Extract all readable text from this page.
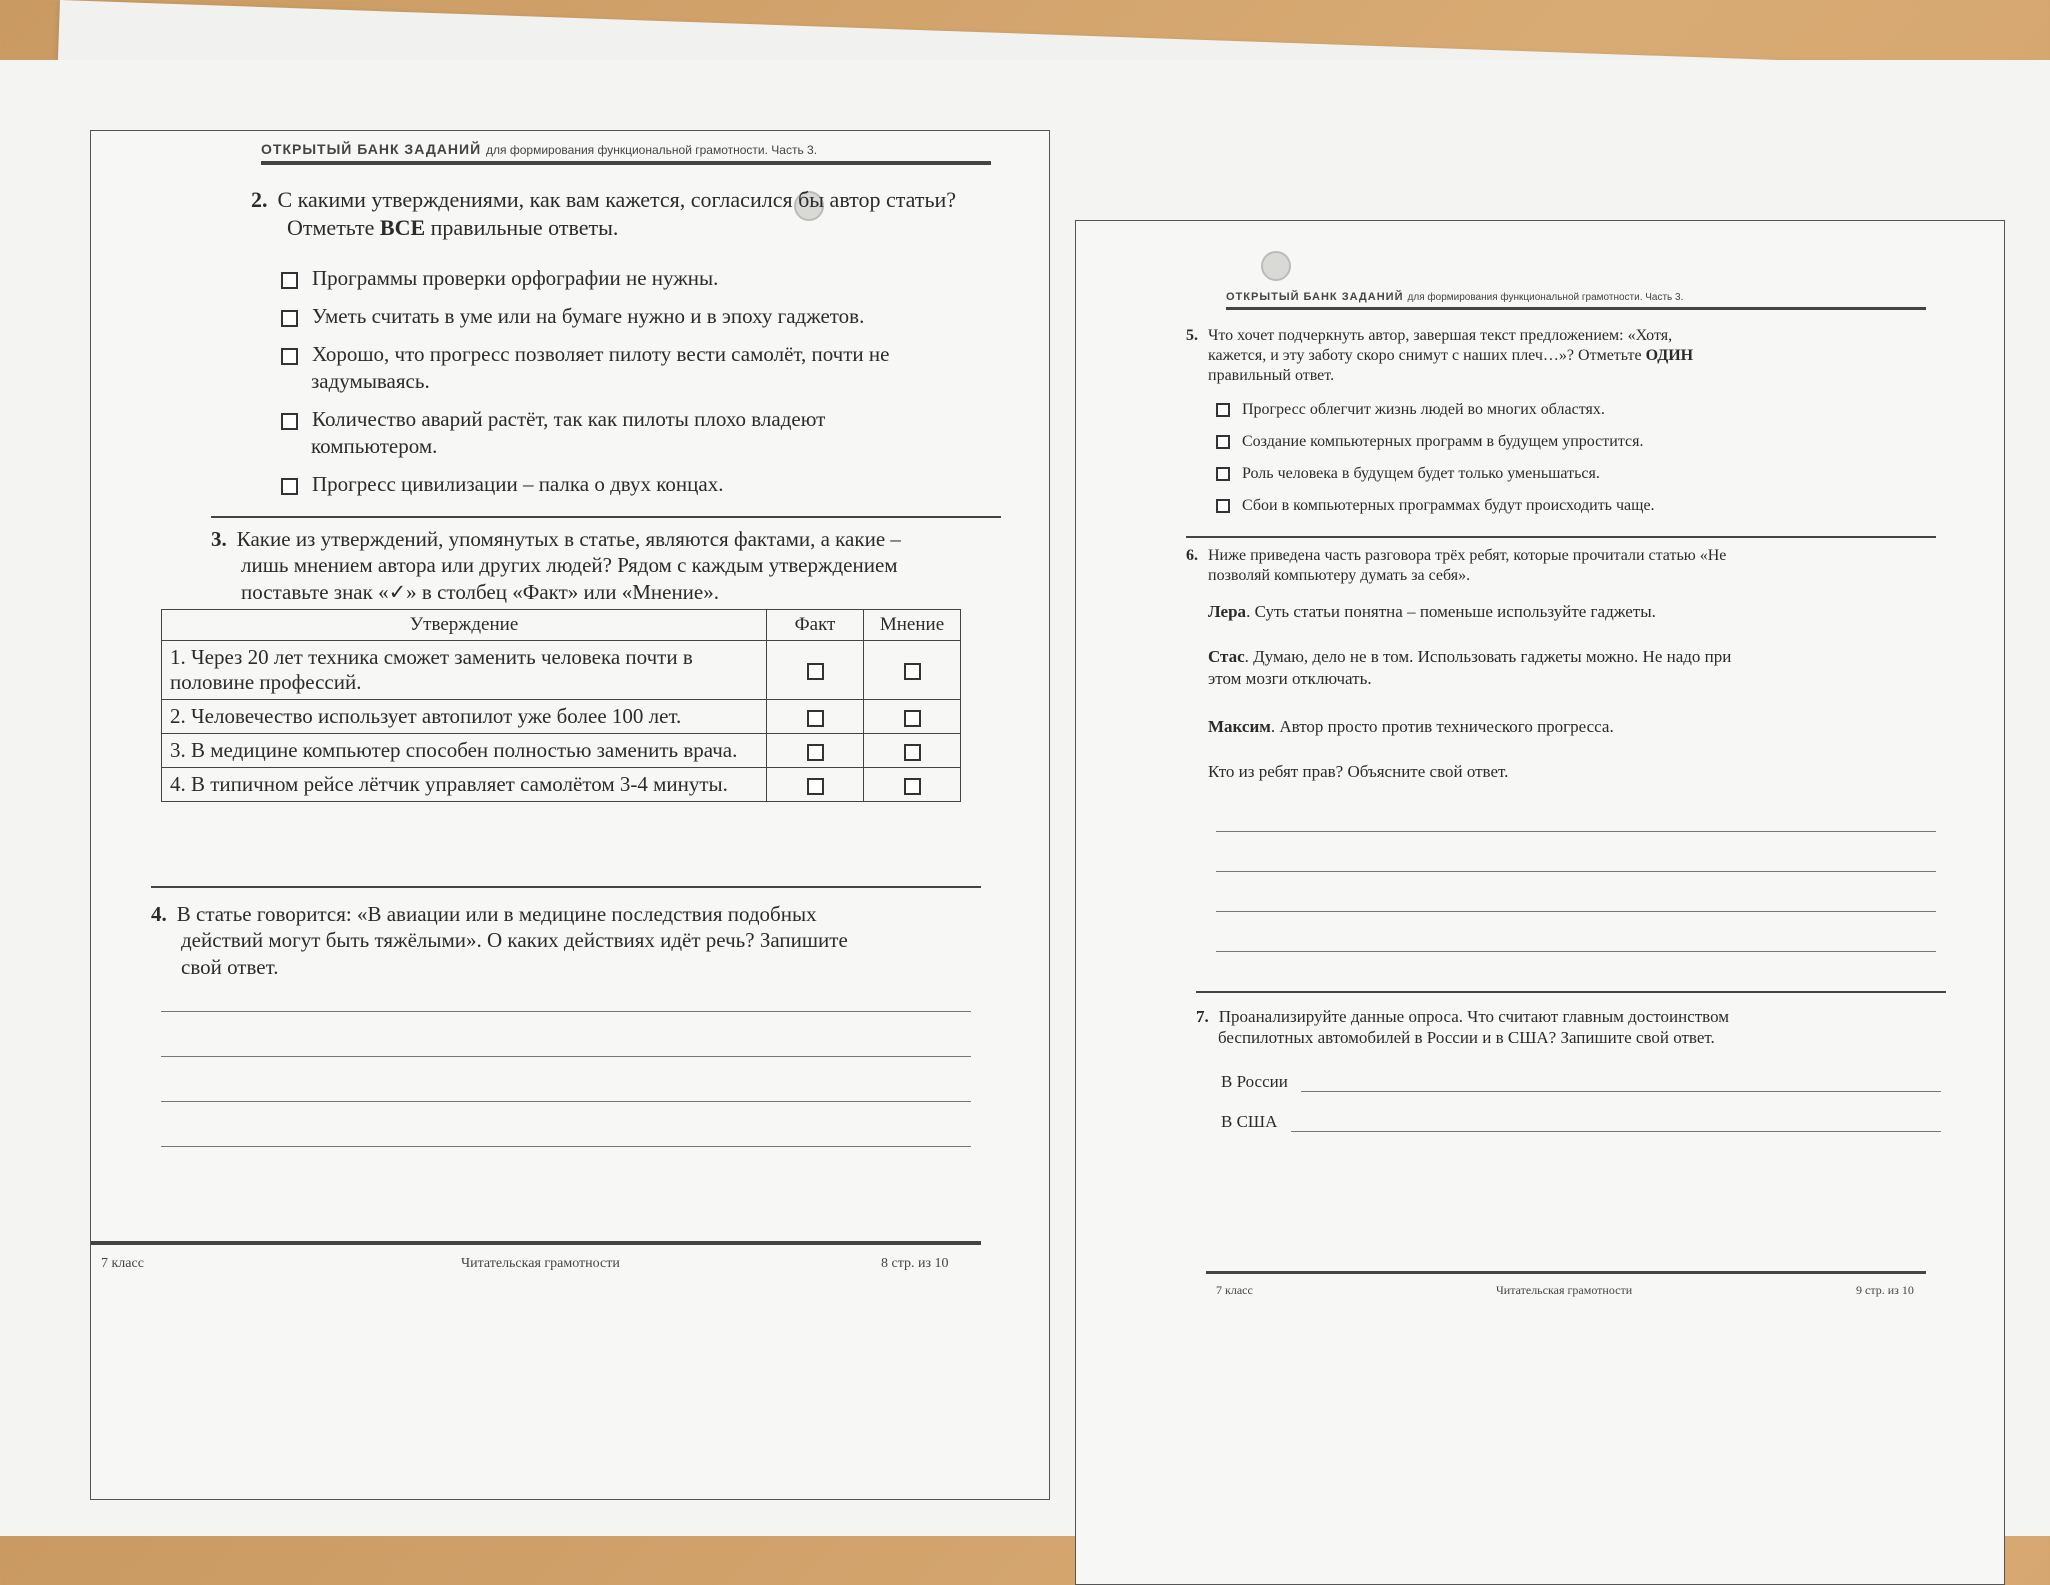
ОТКРЫТЫЙ БАНК ЗАДАНИЙ для формирования функциональной грамотности. Часть 3.
2. С какими утверждениями, как вам кажется, согласился бы автор статьи?
Отметьте ВСЕ правильные ответы.
Программы проверки орфографии не нужны.
Уметь считать в уме или на бумаге нужно и в эпоху гаджетов.
Хорошо, что прогресс позволяет пилоту вести самолёт, почти не
задумываясь.
Количество аварий растёт, так как пилоты плохо владеют
компьютером.
Прогресс цивилизации – палка о двух концах.
3. Какие из утверждений, упомянутых в статье, являются фактами, а какие –
лишь мнением автора или других людей? Рядом с каждым утверждением
поставьте знак «✓» в столбец «Факт» или «Мнение».
Утверждение	Факт	Мнение
1. Через 20 лет техника сможет заменить человека почти в половине профессий.		
2. Человечество использует автопилот уже более 100 лет.		
3. В медицине компьютер способен полностью заменить врача.		
4. В типичном рейсе лётчик управляет самолётом 3-4 минуты.		
4. В статье говорится: «В авиации или в медицине последствия подобных
действий могут быть тяжёлыми». О каких действиях идёт речь? Запишите
свой ответ.
7 класс	Читательская грамотности	8 стр. из 10
ОТКРЫТЫЙ БАНК ЗАДАНИЙ для формирования функциональной грамотности. Часть 3.
5. Что хочет подчеркнуть автор, завершая текст предложением: «Хотя,
кажется, и эту заботу скоро снимут с наших плеч…»? Отметьте ОДИН
правильный ответ.
Прогресс облегчит жизнь людей во многих областях.
Создание компьютерных программ в будущем упростится.
Роль человека в будущем будет только уменьшаться.
Сбои в компьютерных программах будут происходить чаще.
6. Ниже приведена часть разговора трёх ребят, которые прочитали статью «Не
позволяй компьютеру думать за себя».
Лера. Суть статьи понятна – поменьше используйте гаджеты.
Стас. Думаю, дело не в том. Использовать гаджеты можно. Не надо при
этом мозги отключать.
Максим. Автор просто против технического прогресса.
Кто из ребят прав? Объясните свой ответ.
7. Проанализируйте данные опроса. Что считают главным достоинством
беспилотных автомобилей в России и в США? Запишите свой ответ.
В России
В США
7 класс	Читательская грамотности	9 стр. из 10
